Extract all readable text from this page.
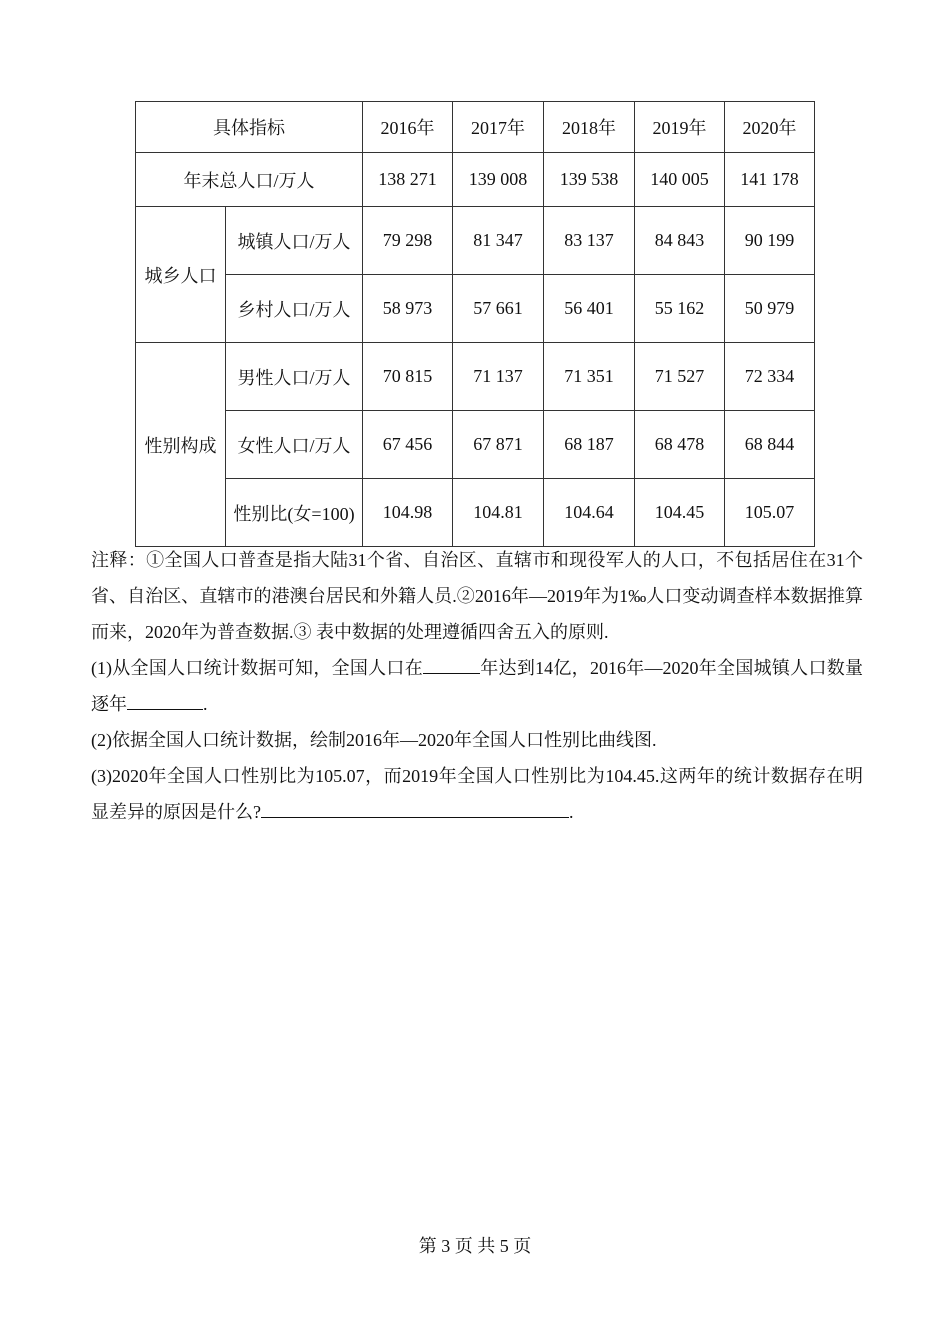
具体指标		2016年	2017年	2018年	2019年	2020年
年末总人口/万人		138 271	139 008	139 538	140 005	141 178
城乡人口	城镇人口/万人	79 298	81 347	83 137	84 843	90 199
	乡村人口/万人	58 973	57 661	56 401	55 162	50 979
性别构成	男性人口/万人	70 815	71 137	71 351	71 527	72 334
	女性人口/万人	67 456	67 871	68 187	68 478	68 844
	性别比(女=100)	104.98	104.81	104.64	104.45	105.07

注释：①全国人口普查是指大陆31个省、自治区、直辖市和现役军人的人口，不包括居住在31个省、自治区、直辖市的港澳台居民和外籍人员.②2016年—2019年为1‰人口变动调查样本数据推算而来，2020年为普查数据.③ 表中数据的处理遵循四舍五入的原则.

(1)从全国人口统计数据可知，全国人口在	年达到14亿，2016年—2020年全国城镇人口数量逐年	.

(2)依据全国人口统计数据，绘制2016年—2020年全国人口性别比曲线图.

(3)2020年全国人口性别比为105.07，而2019年全国人口性别比为104.45.这两年的统计数据存在明显差异的原因是什么?	.

第 3 页 共 5 页
